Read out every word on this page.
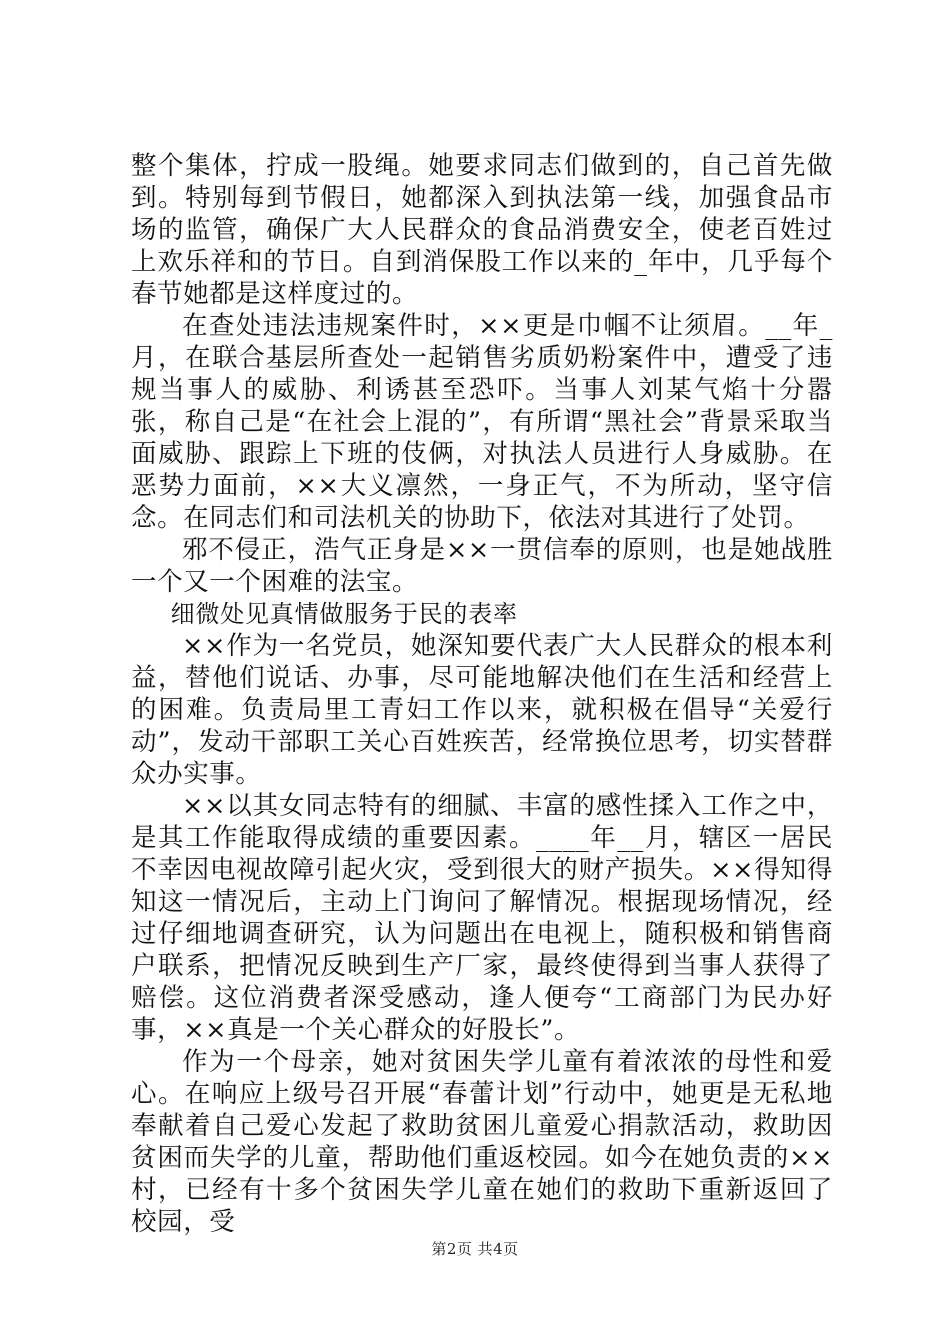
整个集体，拧成一股绳。她要求同志们做到的，自己首先做到。特别每到节假日，她都深入到执法第一线，加强食品市场的监管，确保广大人民群众的食品消费安全，使老百姓过上欢乐祥和的节日。自到消保股工作以来的_年中，几乎每个春节她都是这样度过的。

在查处违法违规案件时，××更是巾帼不让须眉。__年_月，在联合基层所查处一起销售劣质奶粉案件中，遭受了违规当事人的威胁、利诱甚至恐吓。当事人刘某气焰十分嚣张，称自己是“在社会上混的”，有所谓“黑社会”背景采取当面威胁、跟踪上下班的伎俩，对执法人员进行人身威胁。在恶势力面前，××大义凛然，一身正气，不为所动，坚守信念。在同志们和司法机关的协助下，依法对其进行了处罚。

邪不侵正，浩气正身是××一贯信奉的原则，也是她战胜一个又一个困难的法宝。

细微处见真情做服务于民的表率

××作为一名党员，她深知要代表广大人民群众的根本利益，替他们说话、办事，尽可能地解决他们在生活和经营上的困难。负责局里工青妇工作以来，就积极在倡导“关爱行动”，发动干部职工关心百姓疾苦，经常换位思考，切实替群众办实事。

××以其女同志特有的细腻、丰富的感性揉入工作之中，是其工作能取得成绩的重要因素。____年__月，辖区一居民不幸因电视故障引起火灾，受到很大的财产损失。××得知得知这一情况后，主动上门询问了解情况。根据现场情况，经过仔细地调查研究，认为问题出在电视上，随积极和销售商户联系，把情况反映到生产厂家，最终使得到当事人获得了赔偿。这位消费者深受感动，逢人便夸“工商部门为民办好事，××真是一个关心群众的好股长”。

作为一个母亲，她对贫困失学儿童有着浓浓的母性和爱心。在响应上级号召开展“春蕾计划”行动中，她更是无私地奉献着自己爱心发起了救助贫困儿童爱心捐款活动，救助因贫困而失学的儿童，帮助他们重返校园。如今在她负责的××村，已经有十多个贫困失学儿童在她们的救助下重新返回了校园，受

第2页 共4页
